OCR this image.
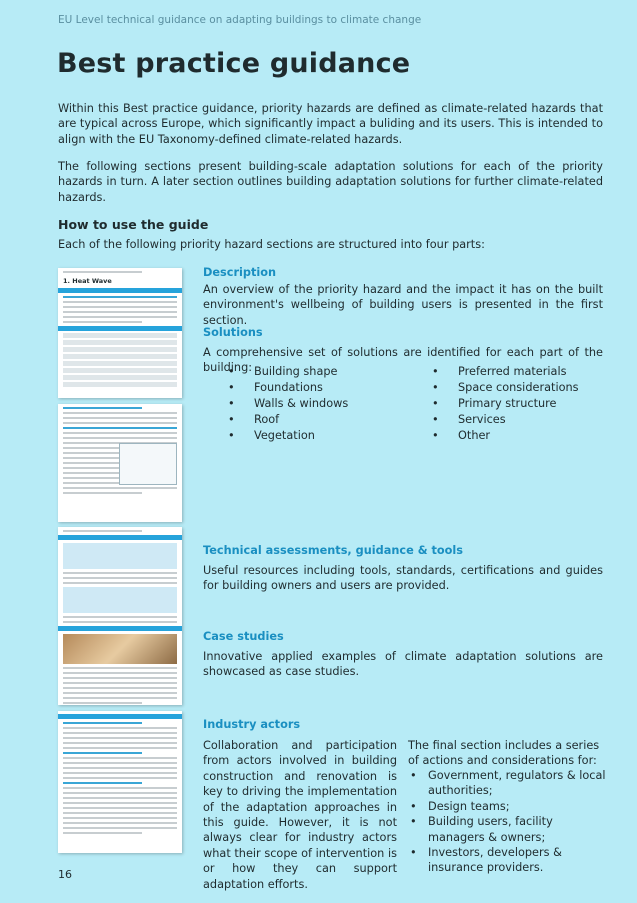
EU Level technical guidance on adapting buildings to climate change
Best practice guidance

Within this Best practice guidance, priority hazards are defined as climate-related hazards that are typical across Europe, which significantly impact a buliding and its users. This is intended to align with the EU Taxonomy-defined climate-related hazards.

The following sections present building-scale adaptation solutions for each of the priority hazards in turn. A later section outlines building adaptation solutions for further climate-related hazards.

How to use the guide

Each of the following priority hazard sections are structured into four parts:

1. Heat Wave
Description

An overview of the priority hazard and the impact it has on the built environment's wellbeing of building users is presented in the first section.

Solutions

A comprehensive set of solutions are identified for each part of the building:

• Building shape
• Foundations
• Walls & windows
• Roof
• Vegetation
• Preferred materials
• Space considerations
• Primary structure
• Services
• Other
Technical assessments, guidance & tools

Useful resources including tools, standards, certifications and guides for building owners and users are provided.

Case studies

Innovative applied examples of climate adaptation solutions are showcased as case studies.

Industry actors

Collaboration and participation from actors involved in building construction and renovation is key to driving the implementation of the adaptation approaches in this guide. However, it is not always clear for industry actors what their scope of intervention is or how they can support adaptation efforts.

The final section includes a series of actions and considerations for:

• Government, regulators & local authorities;
• Design teams;
• Building users, facility managers & owners;
• Investors, developers & insurance providers.
16
